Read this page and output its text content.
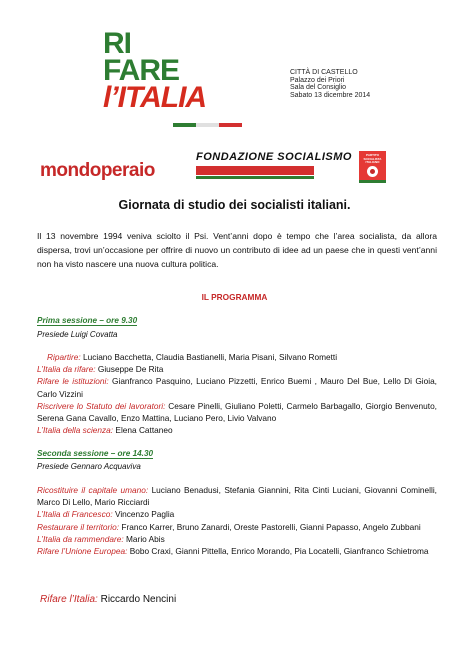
RI
FARE
l’ITALIA
CITTÀ DI CASTELLO
Palazzo dei Priori
Sala del Consiglio
Sabato 13 dicembre 2014
mondoperaio
FONDAZIONE SOCIALISMO	PARTITO SOCIALISTA ITALIANO
Giornata di studio dei socialisti italiani.
Il 13 novembre 1994 veniva sciolto il Psi. Vent’anni dopo è tempo che l’area socialista, da allora dispersa, trovi un’occasione per offrire di nuovo un contributo di idee ad un paese che in questi vent’anni non ha visto nascere una nuova cultura politica.
IL PROGRAMMA
Prima sessione – ore 9.30
Presiede Luigi Covatta
Ripartire: Luciano Bacchetta, Claudia Bastianelli, Maria Pisani, Silvano Rometti
L’Italia da rifare: Giuseppe De Rita
Rifare le istituzioni: Gianfranco Pasquino, Luciano Pizzetti, Enrico Buemi , Mauro Del Bue, Lello Di Gioia, Carlo Vizzini
Riscrivere lo Statuto dei lavoratori: Cesare Pinelli, Giuliano Poletti, Carmelo Barbagallo, Giorgio Benvenuto, Serena Gana Cavallo, Enzo Mattina, Luciano Pero, Livio Valvano
L’Italia della scienza: Elena Cattaneo
Seconda sessione – ore 14.30
Presiede Gennaro Acquaviva
Ricostituire il capitale umano: Luciano Benadusi, Stefania Giannini, Rita Cinti Luciani, Giovanni Cominelli, Marco Di Lello, Mario Ricciardi
L’Italia di Francesco: Vincenzo Paglia
Restaurare il territorio: Franco Karrer, Bruno Zanardi, Oreste Pastorelli, Gianni Papasso, Angelo Zubbani
L’Italia da rammendare: Mario Abis
Rifare l’Unione Europea: Bobo Craxi, Gianni Pittella, Enrico Morando, Pia Locatelli, Gianfranco Schietroma
Rifare l’Italia: Riccardo Nencini
